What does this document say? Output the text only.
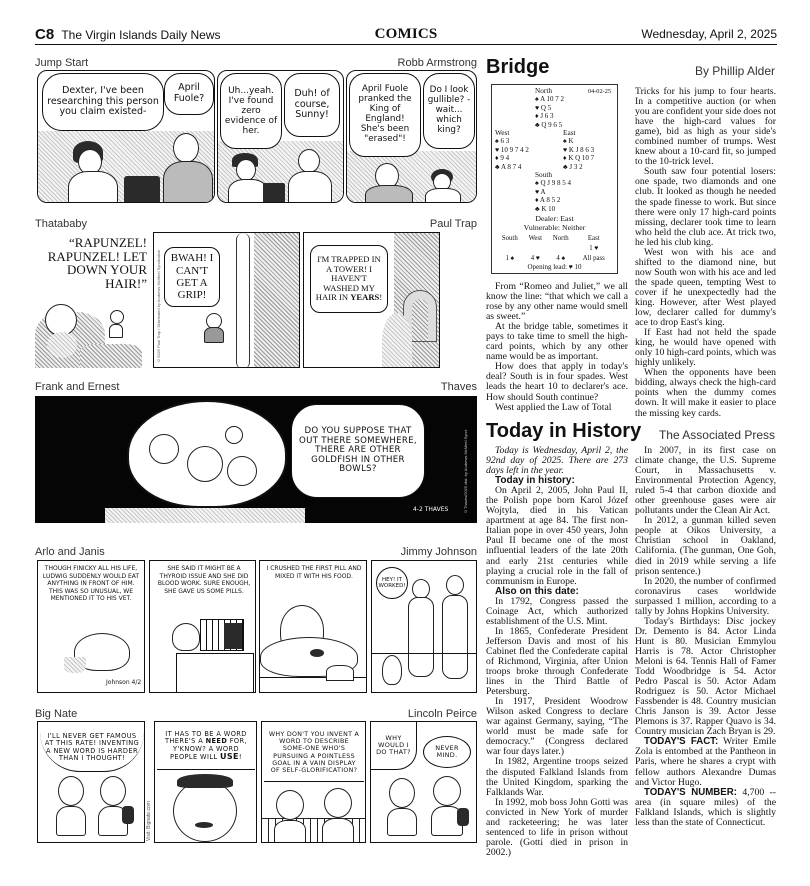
C8 The Virgin Islands Daily News	COMICS	Wednesday, April 2, 2025
Jump Start	Robb Armstrong
Dexter, I've been researching this person you claim existed-
April Fuole?
Uh...yeah. I've found zero evidence of her.
Duh! of course, Sunny!
April Fuole pranked the King of England! She's been "erased"!
Do I look gullible? - wait... which king?
Thatababy	Paul Trap
“RAPUNZEL! RAPUNZEL! LET DOWN YOUR HAIR!”
BWAH! I CAN'T GET A GRIP!
©2025 Paul Trap / Distributed by Andrews McMeel Syndication	I'M TRAPPED IN A TOWER! I HAVEN'T WASHED MY HAIR IN YEARS!
Frank and Ernest	Thaves
DO YOU SUPPOSE THAT OUT THERE SOMEWHERE, THERE ARE OTHER GOLDFISH IN OTHER BOWLS?
4-2 THAVES	©Thaves/2025 dist. by Andrews McMeel Synd.
Arlo and Janis	Jimmy Johnson
THOUGH FINICKY ALL HIS LIFE, LUDWIG SUDDENLY WOULD EAT ANYTHING IN FRONT OF HIM. THIS WAS SO UNUSUAL, WE MENTIONED IT TO HIS VET.
Johnson 4/2
SHE SAID IT MIGHT BE A THYROID ISSUE AND SHE DID BLOOD WORK. SURE ENOUGH, SHE GAVE US SOME PILLS.
I CRUSHED THE FIRST PILL AND MIXED IT WITH HIS FOOD.
HEY! IT WORKED!
Big Nate	Lincoln Peirce
I'LL NEVER GET FAMOUS AT THIS RATE! INVENTING A NEW WORD IS HARDER THAN I THOUGHT!
Visit: Bignate.com
IT HAS TO BE A WORD THERE'S A NEED FOR, Y'KNOW? A WORD PEOPLE WILL USE!
WHY DON'T YOU INVENT A WORD TO DESCRIBE SOME-ONE WHO'S PURSUING A POINTLESS GOAL IN A VAIN DISPLAY OF SELF-GLORIFICATION?
WHY WOULD I DO THAT?
NEVER MIND.
Bridge	By Phillip Alder
04-02-25
North
♠ A 10 7 2
♥ Q 5
♦ J 6 3
♣ Q 9 6 5
West
♠ 6 3
♥ 10 9 7 4 2
♦ 9 4
♣ A 8 7 4
East
♠ K
♥ K J 8 6 3
♦ K Q 10 7
♣ J 3 2
South
♠ Q J 9 8 5 4
♥ A
♦ A 8 5 2
♣ K 10
Dealer: East
Vulnerable: Neither
South	West	North	East
			1 ♥
1 ♠	4 ♥	4 ♠	All pass
Opening lead: ♥ 10

From “Romeo and Juliet,” we all know the line: “that which we call a rose by any other name would smell as sweet.”

At the bridge table, sometimes it pays to take time to smell the high-card points, which by any other name would be as important.

How does that apply in today's deal? South is in four spades. West leads the heart 10 to declarer's ace. How should South continue?

West applied the Law of Total

Tricks for his jump to four hearts. In a competitive auction (or when you are confident your side does not have the high-card values for game), bid as high as your side's combined number of trumps. West knew about a 10-card fit, so jumped to the 10-trick level.

South saw four potential losers: one spade, two diamonds and one club. It looked as though he needed the spade finesse to work. But since there were only 17 high-card points missing, declarer took time to learn who held the club ace. At trick two, he led his club king.

West won with his ace and shifted to the diamond nine, but now South won with his ace and led the spade queen, tempting West to cover if he unexpectedly had the king. However, after West played low, declarer called for dummy's ace to drop East's king.

If East had not held the spade king, he would have opened with only 10 high-card points, which was highly unlikely.

When the opponents have been bidding, always check the high-card points when the dummy comes down. It will make it easier to place the missing key cards.

Today in History The Associated Press

Today is Wednesday, April 2, the 92nd day of 2025. There are 273 days left in the year.

Today in history:

On April 2, 2005, John Paul II, the Polish pope born Karol Józef Wojtyla, died in his Vatican apartment at age 84. The first non-Italian pope in over 450 years, John Paul II became one of the most influential leaders of the late 20th and early 21st centuries while playing a crucial role in the fall of communism in Europe.

Also on this date:

In 1792, Congress passed the Coinage Act, which authorized establishment of the U.S. Mint.

In 1865, Confederate President Jefferson Davis and most of his Cabinet fled the Confederate capital of Richmond, Virginia, after Union troops broke through Confederate lines in the Third Battle of Petersburg.

In 1917, President Woodrow Wilson asked Congress to declare war against Germany, saying, “The world must be made safe for democracy.” (Congress declared war four days later.)

In 1982, Argentine troops seized the disputed Falkland Islands from the United Kingdom, sparking the Falklands War.

In 1992, mob boss John Gotti was convicted in New York of murder and racketeering; he was later sentenced to life in prison without parole. (Gotti died in prison in 2002.)

In 2007, in its first case on climate change, the U.S. Supreme Court, in Massachusetts v. Environmental Protection Agency, ruled 5-4 that carbon dioxide and other greenhouse gases were air pollutants under the Clean Air Act.

In 2012, a gunman killed seven people at Oikos University, a Christian school in Oakland, California. (The gunman, One Goh, died in 2019 while serving a life prison sentence.)

In 2020, the number of confirmed coronavirus cases worldwide surpassed 1 million, according to a tally by Johns Hopkins University.

Today's Birthdays: Disc jockey Dr. Demento is 84. Actor Linda Hunt is 80. Musician Emmylou Harris is 78. Actor Christopher Meloni is 64. Tennis Hall of Famer Todd Woodbridge is 54. Actor Pedro Pascal is 50. Actor Adam Rodriguez is 50. Actor Michael Fassbender is 48. Country musician Chris Janson is 39. Actor Jesse Plemons is 37. Rapper Quavo is 34. Country musician Zach Bryan is 29.

TODAY'S FACT: Writer Emile Zola is entombed at the Pantheon in Paris, where he shares a crypt with fellow authors Alexandre Dumas and Victor Hugo.

TODAY'S NUMBER: 4,700 -- area (in square miles) of the Falkland Islands, which is slightly less than the state of Connecticut.
